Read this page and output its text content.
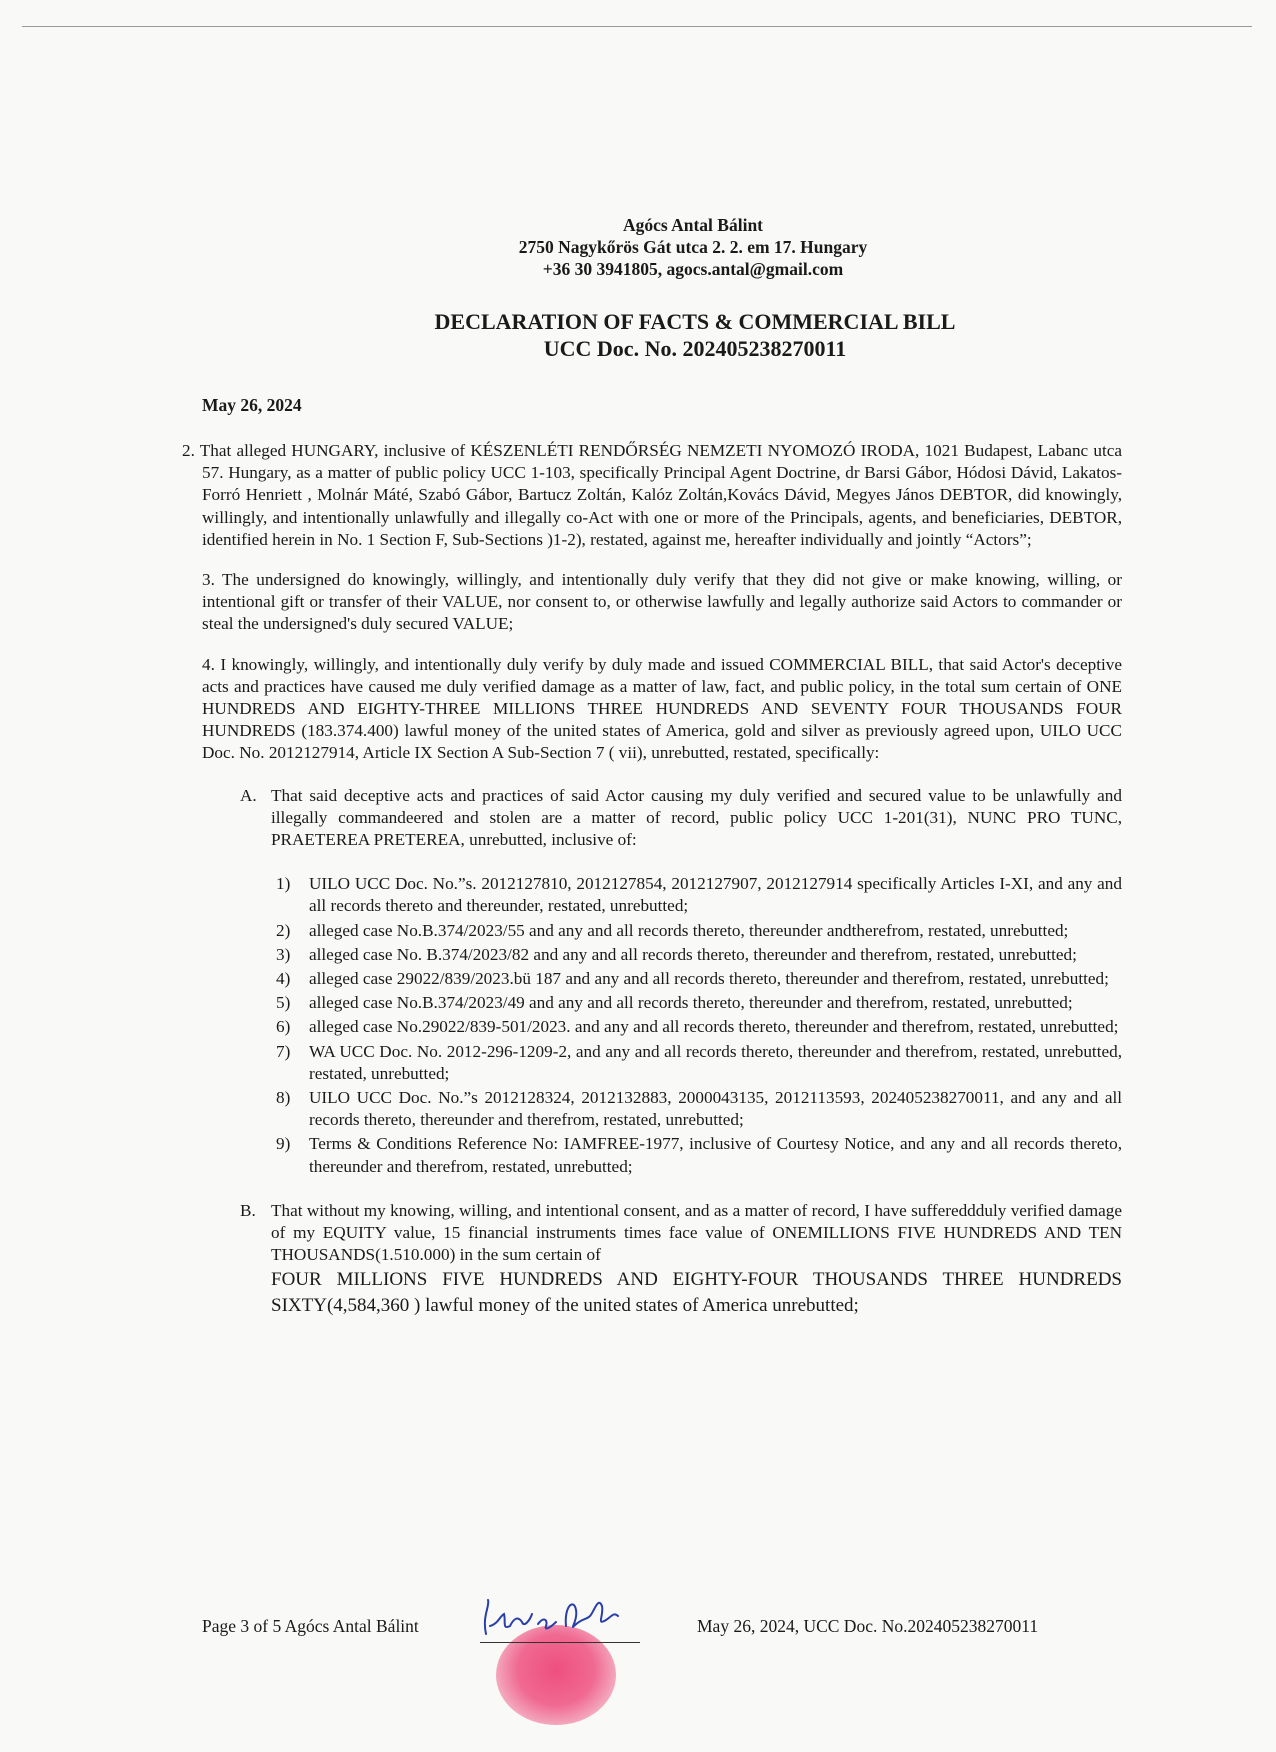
Agócs Antal Bálint
2750 Nagykőrös Gát utca 2. 2. em 17. Hungary
+36 30 3941805, agocs.antal@gmail.com
DECLARATION OF FACTS & COMMERCIAL BILL
UCC Doc. No. 202405238270011
May 26, 2024

2. That alleged HUNGARY, inclusive of KÉSZENLÉTI RENDŐRSÉG NEMZETI NYOMOZÓ IRODA, 1021 Budapest, Labanc utca 57. Hungary, as a matter of public policy UCC 1-103, specifically Principal Agent Doctrine, dr Barsi Gábor, Hódosi Dávid, Lakatos-Forró Henriett , Molnár Máté, Szabó Gábor, Bartucz Zoltán, Kalóz Zoltán,Kovács Dávid, Megyes János DEBTOR, did knowingly, willingly, and intentionally unlawfully and illegally co-Act with one or more of the Principals, agents, and beneficiaries, DEBTOR, identified herein in No. 1 Section F, Sub-Sections )1-2), restated, against me, hereafter individually and jointly “Actors”;

3. The undersigned do knowingly, willingly, and intentionally duly verify that they did not give or make knowing, willing, or intentional gift or transfer of their VALUE, nor consent to, or otherwise lawfully and legally authorize said Actors to commander or steal the undersigned's duly secured VALUE;

4. I knowingly, willingly, and intentionally duly verify by duly made and issued COMMERCIAL BILL, that said Actor's deceptive acts and practices have caused me duly verified damage as a matter of law, fact, and public policy, in the total sum certain of ONE HUNDREDS AND EIGHTY-THREE MILLIONS THREE HUNDREDS AND SEVENTY FOUR THOUSANDS FOUR HUNDREDS (183.374.400) lawful money of the united states of America, gold and silver as previously agreed upon, UILO UCC Doc. No. 2012127914, Article IX Section A Sub-Section 7 ( vii), unrebutted, restated, specifically:

A. That said deceptive acts and practices of said Actor causing my duly verified and secured value to be unlawfully and illegally commandeered and stolen are a matter of record, public policy UCC 1-201(31), NUNC PRO TUNC, PRAETEREA PRETEREA, unrebutted, inclusive of:
1) UILO UCC Doc. No.”s. 2012127810, 2012127854, 2012127907, 2012127914 specifically Articles I-XI, and any and all records thereto and thereunder, restated, unrebutted;
2) alleged case No.B.374/2023/55 and any and all records thereto, thereunder andtherefrom, restated, unrebutted;
3) alleged case No. B.374/2023/82 and any and all records thereto, thereunder and therefrom, restated, unrebutted;
4) alleged case 29022/839/2023.bü 187 and any and all records thereto, thereunder and therefrom, restated, unrebutted;
5) alleged case No.B.374/2023/49 and any and all records thereto, thereunder and therefrom, restated, unrebutted;
6) alleged case No.29022/839-501/2023. and any and all records thereto, thereunder and therefrom, restated, unrebutted;
7) WA UCC Doc. No. 2012-296-1209-2, and any and all records thereto, thereunder and therefrom, restated, unrebutted, restated, unrebutted;
8) UILO UCC Doc. No.”s 2012128324, 2012132883, 2000043135, 2012113593, 202405238270011, and any and all records thereto, thereunder and therefrom, restated, unrebutted;
9) Terms & Conditions Reference No: IAMFREE-1977, inclusive of Courtesy Notice, and any and all records thereto, thereunder and therefrom, restated, unrebutted;
B. That without my knowing, willing, and intentional consent, and as a matter of record, I have suffereddduly verified damage of my EQUITY value, 15 financial instruments times face value of ONEMILLIONS FIVE HUNDREDS AND TEN THOUSANDS(1.510.000) in the sum certain of
FOUR MILLIONS FIVE HUNDREDS AND EIGHTY-FOUR THOUSANDS THREE HUNDREDS SIXTY(4,584,360 ) lawful money of the united states of America unrebutted;
Page 3 of 5 Agócs Antal Bálint	May 26, 2024, UCC Doc. No.202405238270011
